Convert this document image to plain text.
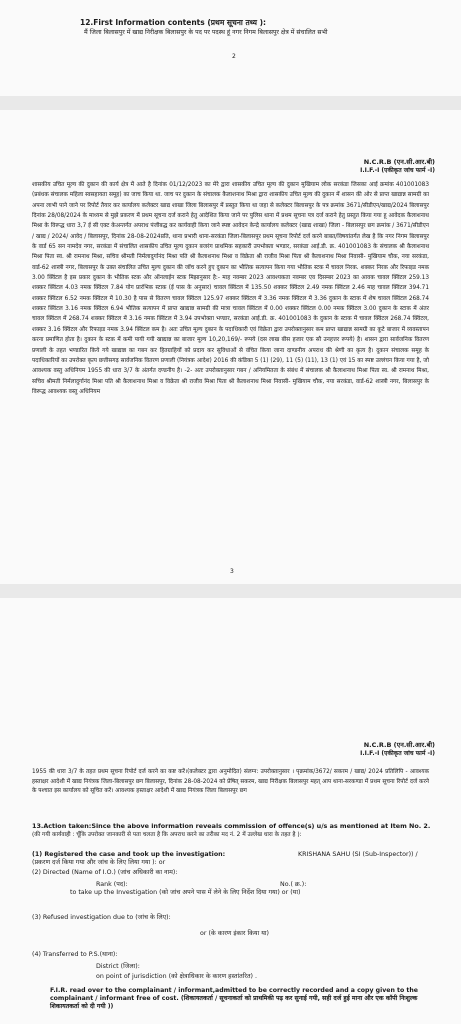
12.First Information contents (प्रथम सूचना तथ्य ):
मैं जिला बिलासपुर में खाद्य निरीक्षक बिलासपुर के पद पर पदस्थ हूं नगर निगम बिलासपुर क्षेत्र में संचालित सभी
2
N.C.R.B (एन.सी.आर.बी)
I.I.F.-I (एकीकृत जांच फार्म -I)
शासकीय उचित मूल्य की दुकान की कार्य क्षेत्र में आते है दिनांक 01/12/2023 का मेरे द्वारा शासकीय उचित मूल्य की दुकान मुखियाम लोक सरकंडा जिसका आई क्रमांक 401001083 (प्रबंधक संचालक महिला स्वसहायता समूह) का जाच किया था. जाच पर दुकान के संचालक कैलाशनाथ मिश्रा द्वारा शासकीय उचित मूल्य की दुकान में शासन की ओर से प्राप्त खाद्यान्न सामग्री का अपना लाभी पाने जाने पर रिपोर्ट तैयार कर कार्यालय कलेक्टर खाद्य शाखा जिला बिलासपुर में प्रस्तुत किया था जहा से कलेक्टर बिलासपुर के पत्र क्रमांक 3671/सीडीएन/खाद्य/2024 बिलासपुर दिनांक 28/08/2024 के माध्यम से मुझे प्रकरण में प्रथम सूचना दर्ज कराने हेतु आदेशित किया जाने पर पुलिस थाना में प्रथम सूचना पत्र दर्ज कराने हेतु प्रस्तुत किया गया हू आवेदक कैलाशनाथ मिश्रा के विरूद्ध धारा 3,7 ई सी एक्ट केअन्तर्गत अपराध पंजीबद्ध कर कार्यवाही किया जाने स्पष्ट आवेदन केन्द्रे कार्यालय कलेक्टर (खाद्य शाखा) जिला - बिलासपुर छग क्रमांक / 3671/सीडीएन / खाद्य / 2024/ आवेद / बिलासपुर, दिनांक 28-08-2024प्रति, थाना प्रभारी थाना-सरकंडा जिला-बिलासपुर प्रथम सूचना रिपोर्ट दर्ज करने बाबत/विषयांतर्गत लेख है कि नगर निगम बिलासपुर के वार्ड 65 सन नामदेव नगर, सरकंडा में संचालित शासकीय उचित मूल्य दुकान बजरंग प्राथमिक सहकारी उपभोक्ता भण्डार, सरकंडा आई.डी. क्र. 401001083 के संचालक श्री कैलाशनाथ मिश्रा पिता स्व. श्री रामनाथ मिश्रा, सचिव श्रीमती निर्मलादुर्गानंद मिश्रा पति श्री कैलाशनाथ मिश्रा व विक्रेता श्री राजीव मिश्रा पिता श्री कैलाशनाथ मिश्रा निवासी- मुखियाम चौक, नया सरकंडा, वार्ड-62 शास्त्री नगर, बिलासपुर के उक्त संचालित उचित मूल्य दुकान की जॉच करने हुए दुकान का भौतिक सत्यापन किया गया भौतिक स्टक में चावल निरक. शक्कर निरक और रिफाइड नमक 3.00 क्विंटल है इस प्रकार दुकान के भौतिक स्टक और ऑनलाईन स्टक मिझानुसार है:- माह नवम्बर 2023 आवश्यकता नवम्बर एव दिसम्बर 2023 का आवक चावल क्विंटल 259.13 शक्कर क्विंटल 4.03 नमक क्विंटल 7.84 योग प्रारंभिक स्टाक (ई पास के अनुसार) चावल क्विंटल में 135.50 शक्कर क्विंटल 2.49 नमक क्विंटल 2.46 माह चावल क्विंटल 394.71 शक्कर क्विंटल 6.52 नमक क्विंटल में 10.30 है पास से वितरण चावल क्विंटल 125.97 शक्कर क्विंटल में 3.36 नमक क्विंटल में 3.36 दुकान के स्टाक में शेष चावल क्विंटल 268.74 शक्कर क्विंटल 3.16 नमक क्विंटल 6.94 भौतिक सत्यापन में प्राप्त खाद्यान्न सामग्री की मात्रा चावल क्विंटल में 0.00 शक्कर क्विंटल 0.00 नमक क्विंटल 3.00 दुकान के स्टाक में अंतर चावल क्विंटल में 268.74 शक्कर क्विंटल में 3.16 नमक क्विंटल में 3.94 उपभोक्ता भण्डार, सरकंडा आई.डी. क्र. 401001083 के दुकान के स्टाक में चावल क्विंटल 268.74 क्विंटल, शक्कर 3.16 क्विंटल और रिफाइड नमक 3.94 क्विंटल कम है। अतः उचित मूल्य दुकान के पदाधिकारी एवं विक्रेता द्वारा उपरोक्तानुसार कम प्राप्त खाद्यान्न सामग्री का कूटे बाजार में व्यवस्तापन करना प्रमाणित होता है। दुकान के स्टक में कमी पायी गयी खाद्यान्न का बाजार मूल्य 10,20,169/- रूपये (दस लाख बीस हजार एक सौ उनहत्तर रूपये) है। शासन द्वारा सार्वजनिक वितरण प्रणाली के तहत भण्डारित किये गये खाद्यान्न का गबन कर हितग्राहियों को प्रदाय कर सुविधाओं से वंचित किया जाना दाण्डनीय अपराध की श्रेणी का कृत्य है। दुकान संचालक समूह के पदाधिकारियों का उपरोक्त कृत्य छत्तीसगढ़ सार्वजनिक वितरण प्रणाली (नियंत्रक आदेश) 2016 की कंडिका 5 (1) (29), 11 (5) (11), 13 (1) एवं 15 का स्पष्ट उल्लंघन किया गया है, जो आवश्यक वस्तु अधिनियम 1955 की धारा 3/7 के अंतर्गत दण्डनीय है। -2- अतः उपरोक्तानुसार गबन / अनियमितता के संबंध में संचालक श्री कैलाशनाथ मिश्रा पिता स्व. श्री रामनाथ मिश्रा, सचिव श्रीमती निर्मलादुर्गानंद मिश्रा पति श्री कैलाशनाथ मिश्रा व विक्रेता श्री राजीव मिश्रा पिता श्री कैलाशनाथ मिश्रा निवासी- मुखियाम चौक, नया सरकंडा, वार्ड-62 शास्त्री नगर, बिलासपुर के विरूद्ध आवश्यक वस्तु अधिनियम
3
N.C.R.B (एन.सी.आर.बी)
I.I.F.-I (एकीकृत जांच फार्म -I)
1955 की धारा 3/7 के तहत प्रथम सूचना रिपोर्ट दर्ज करने का कष्ट करें।(कलेक्टर द्वारा अनुमोदित) संलग्न: उपरोक्तानुसार । पृक्रमांक/3672/ सकरम / खाद्य/ 2024 प्रतिलिपि - आवश्यक हस्ताक्षर आदेशी में खाद्य नियंत्रक जिला-बिलासपुर छग बिलासपुर, दिनांक 28-08-2024 को प्रेषित्‌ सकरम, खाद्य निरीक्षक बिलासपुर महत्‌ आप थाना-सरकण्डा में प्रथम सूचना रिपोर्ट दर्ज करने के पश्चात इस कार्यालय को सूचित करें। आवश्यक हस्ताक्षर आदेशी में खाद्य नियंत्रक जिला बिलासपुर छग
13.Action taken:Since the above information reveals commission of offence(s) u/s as mentioned at Item No. 2. (की गयी कार्यवाही : चूँकि उपरोक्त जानकारी से पता चलता है कि अपराध करने का तरीका मद नं. 2 में उल्लेख धारा के तहत है ):
(1) Registered the case and took up the investigation:
(प्रकरण दर्ज किया गया और जांच के लिए लिया गया ): or
KRISHANA SAHU (SI (Sub-Inspector)) /
(2) Directed (Name of I.O.) (जांच अधिकारी का नाम):
Rank (पद):	No.( क्र.):
to take up the Investigation (को जांच अपने पास में लेने के लिए निर्देश दिया गया) or (या)
(3) Refused investigation due to (जांच के लिए):
or (के कारण इंकार किया या)
(4) Transferred to P.S.(थाना):
District (जिला):
on point of jurisdiction (को क्षेत्राधिकार के कारण हस्तांतरित) .
F.I.R. read over to the complainant / informant,admitted to be correctly recorded and a copy given to the complainant / informant free of cost. (शिकायतकर्ता / सूचनाकर्ता को प्राथमिकी पढ़ कर सुनाई गयी, सही दर्ज हुई माना और एक कॉपी निःशुल्क शिकायतकर्ता को दी गयी ))
